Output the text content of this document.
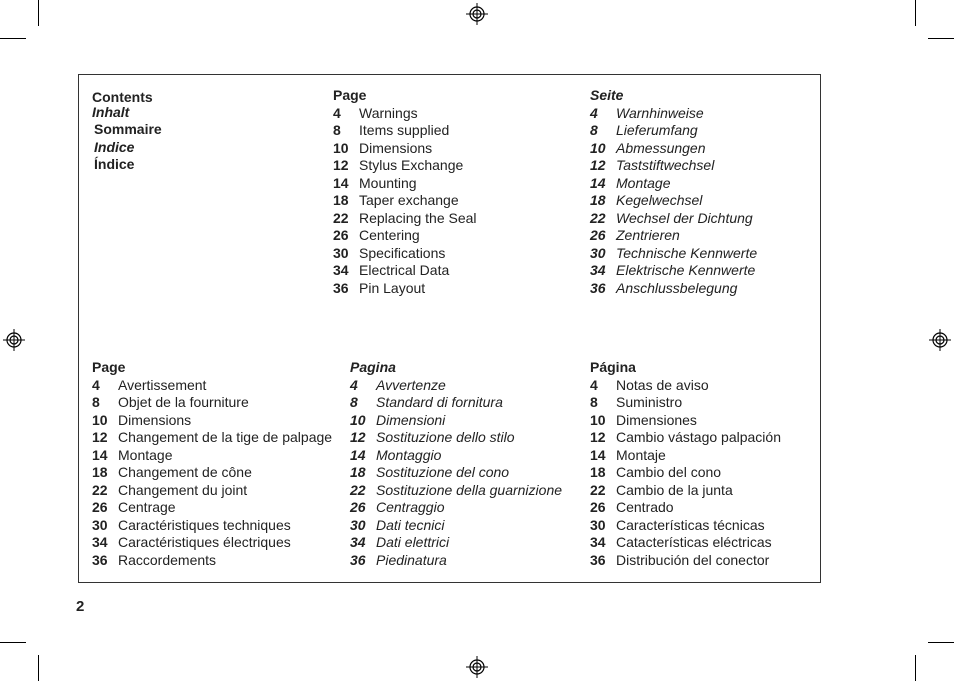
Contents
Inhalt
Sommaire
Indice
Índice
Page
4 Warnings
8 Items supplied
10 Dimensions
12 Stylus Exchange
14 Mounting
18 Taper exchange
22 Replacing the Seal
26 Centering
30 Specifications
34 Electrical Data
36 Pin Layout
Seite
4 Warnhinweise
8 Lieferumfang
10 Abmessungen
12 Taststiftwechsel
14 Montage
18 Kegelwechsel
22 Wechsel der Dichtung
26 Zentrieren
30 Technische Kennwerte
34 Elektrische Kennwerte
36 Anschlussbelegung
Page
4 Avertissement
8 Objet de la fourniture
10 Dimensions
12 Changement de la tige de palpage
14 Montage
18 Changement de cône
22 Changement du joint
26 Centrage
30 Caractéristiques techniques
34 Caractéristiques électriques
36 Raccordements
Pagina
4 Avvertenze
8 Standard di fornitura
10 Dimensioni
12 Sostituzione dello stilo
14 Montaggio
18 Sostituzione del cono
22 Sostituzione della guarnizione
26 Centraggio
30 Dati tecnici
34 Dati elettrici
36 Piedinatura
Página
4 Notas de aviso
8 Suministro
10 Dimensiones
12 Cambio vástago palpación
14 Montaje
18 Cambio del cono
22 Cambio de la junta
26 Centrado
30 Características técnicas
34 Catacterísticas eléctricas
36 Distribución del conector
2
